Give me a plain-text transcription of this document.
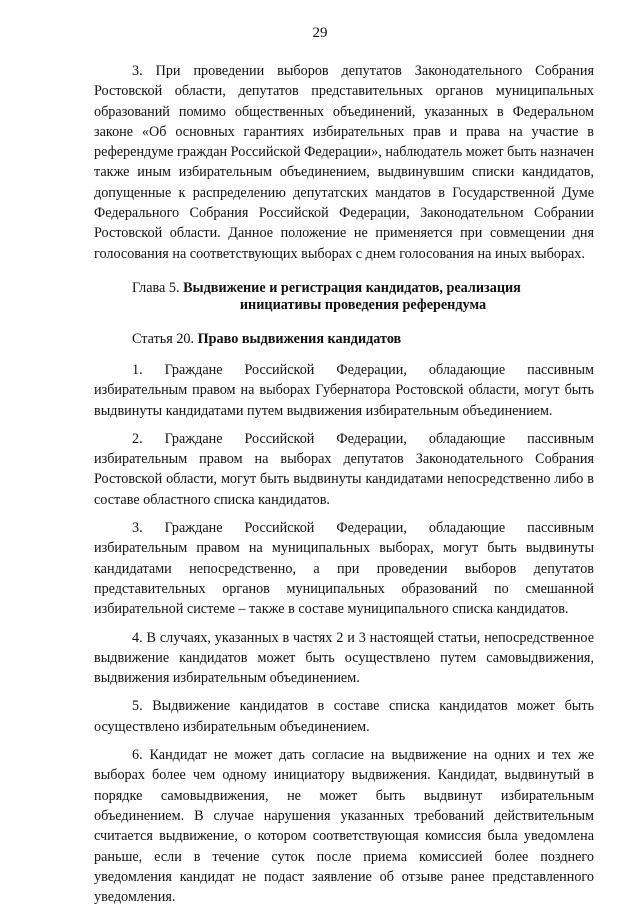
29

3. При проведении выборов депутатов Законодательного Собрания Ростовской области, депутатов представительных органов муниципальных образований помимо общественных объединений, указанных в Федеральном законе «Об основных гарантиях избирательных прав и права на участие в референдуме граждан Российской Федерации», наблюдатель может быть назначен также иным избирательным объединением, выдвинувшим списки кандидатов, допущенные к распределению депутатских мандатов в Государственной Думе Федерального Собрания Российской Федерации, Законодательном Собрании Ростовской области. Данное положение не применяется при совмещении дня голосования на соответствующих выборах с днем голосования на иных выборах.

Глава 5. Выдвижение и регистрация кандидатов, реализация
инициативы проведения референдума
Статья 20. Право выдвижения кандидатов

1. Граждане Российской Федерации, обладающие пассивным избирательным правом на выборах Губернатора Ростовской области, могут быть выдвинуты кандидатами путем выдвижения избирательным объединением.

2. Граждане Российской Федерации, обладающие пассивным избирательным правом на выборах депутатов Законодательного Собрания Ростовской области, могут быть выдвинуты кандидатами непосредственно либо в составе областного списка кандидатов.

3. Граждане Российской Федерации, обладающие пассивным избирательным правом на муниципальных выборах, могут быть выдвинуты кандидатами непосредственно, а при проведении выборов депутатов представительных органов муниципальных образований по смешанной избирательной системе – также в составе муниципального списка кандидатов.

4. В случаях, указанных в частях 2 и 3 настоящей статьи, непосредственное выдвижение кандидатов может быть осуществлено путем самовыдвижения, выдвижения избирательным объединением.

5. Выдвижение кандидатов в составе списка кандидатов может быть осуществлено избирательным объединением.

6. Кандидат не может дать согласие на выдвижение на одних и тех же выборах более чем одному инициатору выдвижения. Кандидат, выдвинутый в порядке самовыдвижения, не может быть выдвинут избирательным объединением. В случае нарушения указанных требований действительным считается выдвижение, о котором соответствующая комиссия была уведомлена раньше, если в течение суток после приема комиссией более позднего уведомления кандидат не подаст заявление об отзыве ранее представленного уведомления.
